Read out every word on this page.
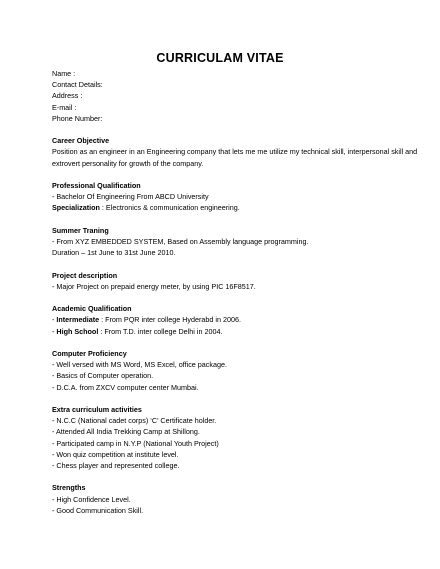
CURRICULAM VITAE
Name :
Contact Details:
Address :
E-mail :
Phone Number:
Career Objective
Position as an engineer in an Engineering company that lets me me utilize my technical skill, interpersonal skill and extrovert personality for growth of the company.
Professional Qualification
- Bachelor Of Engineering From ABCD University
Specialization : Electronics & communication engineering.
Summer Traning
- From XYZ EMBEDDED SYSTEM, Based on Assembly language programming.
Duration – 1st June to 31st June 2010.
Project description
- Major Project on prepaid energy meter, by using PIC 16F8517.
Academic Qualification
- Intermediate : From PQR inter college Hyderabd in 2006.
- High School : From T.D. inter college Delhi in 2004.
Computer Proficiency
- Well versed with MS Word, MS Excel, office package.
- Basics of Computer operation.
- D.C.A. from ZXCV computer center Mumbai.
Extra curriculum activities
- N.C.C (National cadet corps) ‘C’ Certificate holder.
- Attended All India Trekking Camp at Shillong.
- Participated camp in N.Y.P (National Youth Project)
- Won quiz competition at institute level.
- Chess player and represented college.
Strengths
- High Confidence Level.
- Good Communication Skill.
